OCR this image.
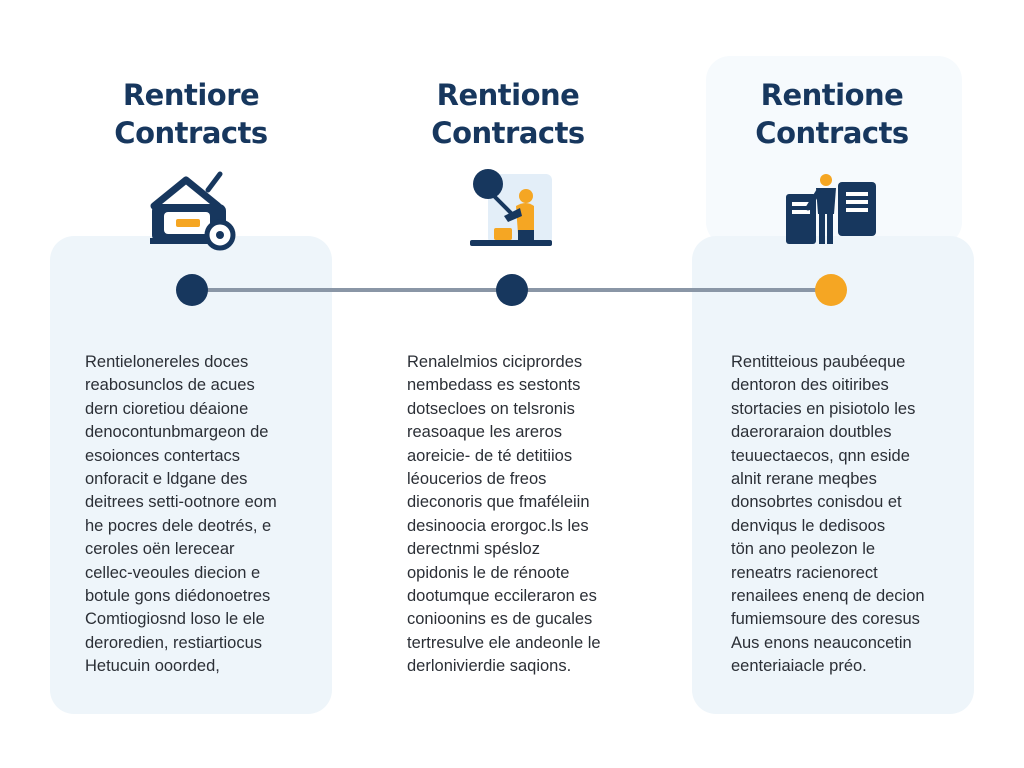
Rentiore
Contracts
Rentione
Contracts
Rentione
Contracts
Rentielonereles doces
reabosunclos de acues
dern cioretiou déaione
denocontunbmargeon de
esoionces contertacs
onforacit e ldgane des
deitrees setti-ootnore eom
he pocres dele deotrés, e
ceroles oën lerecear
cellec-veoules diecion e
botule gons diédonoetres
Comtiogiosnd loso le ele
deroredien, restiartiocus
Hetucuin ooorded,
Renalelmios ciciprordes
nembedass es sestonts
dotsecloes on telsronis
reasoaque les areros
aoreicie- de té detitiios
léoucerios de freos
dieconoris que fmaféleiin
desinoocia erorgoc.ls les
derectnmi spésloz
opidonis le de rénoote
dootumque eccileraron es
conioonins es de gucales
tertresulve ele andeonle le
derlonivierdie saqions.
Rentitteious paubéeque
dentoron des oitiribes
stortacies en pisiotolo les
daeroraraion doutbles
teuuectaecos, qnn eside
alnit rerane meqbes
donsobrtes conisdou et
denviqus le dedisoos
tön ano peolezon le
reneatrs racienorect
renailees enenq de decion
fumiemsoure des coresus
Aus enons neauconcetin
eenteriaiacle préo.
